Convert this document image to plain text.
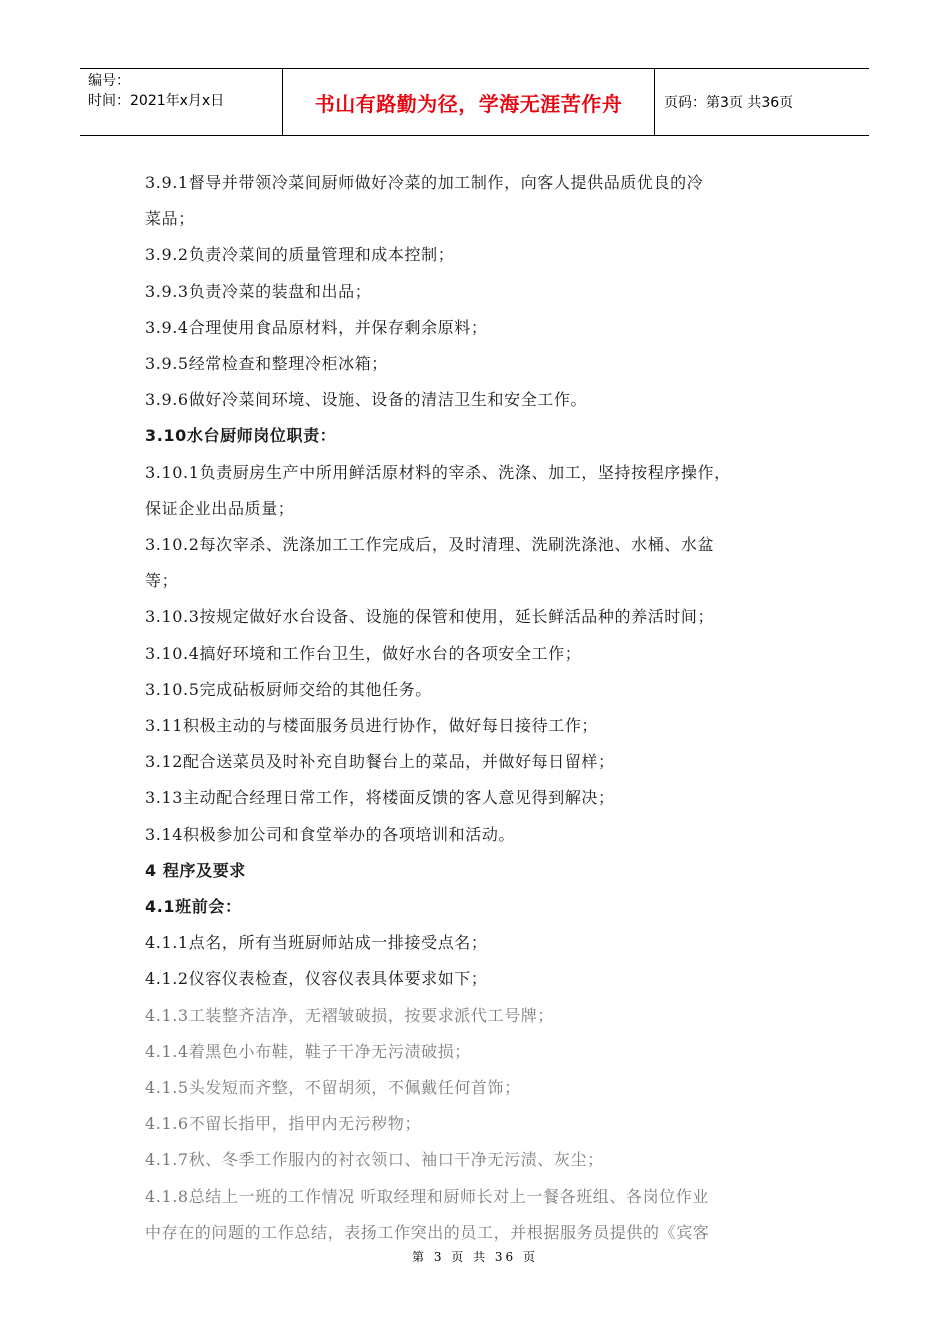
编号：
时间：2021年x月x日	书山有路勤为径，学海无涯苦作舟	页码：第3页 共36页

3.9.1督导并带领冷菜间厨师做好冷菜的加工制作，向客人提供品质优良的冷

菜品；

3.9.2负责冷菜间的质量管理和成本控制；

3.9.3负责冷菜的装盘和出品；

3.9.4合理使用食品原材料，并保存剩余原料；

3.9.5经常检查和整理冷柜冰箱；

3.9.6做好冷菜间环境、设施、设备的清洁卫生和安全工作。

3.10水台厨师岗位职责：

3.10.1负责厨房生产中所用鲜活原材料的宰杀、洗涤、加工，坚持按程序操作，

保证企业出品质量；

3.10.2每次宰杀、洗涤加工工作完成后，及时清理、洗刷洗涤池、水桶、水盆

等；

3.10.3按规定做好水台设备、设施的保管和使用，延长鲜活品种的养活时间；

3.10.4搞好环境和工作台卫生，做好水台的各项安全工作；

3.10.5完成砧板厨师交给的其他任务。

3.11积极主动的与楼面服务员进行协作，做好每日接待工作；

3.12配合送菜员及时补充自助餐台上的菜品，并做好每日留样；

3.13主动配合经理日常工作，将楼面反馈的客人意见得到解决；

3.14积极参加公司和食堂举办的各项培训和活动。

4 程序及要求

4.1班前会：

4.1.1点名，所有当班厨师站成一排接受点名；

4.1.2仪容仪表检查，仪容仪表具体要求如下；

4.1.3工装整齐洁净，无褶皱破损，按要求派代工号牌；

4.1.4着黑色小布鞋，鞋子干净无污渍破损；

4.1.5头发短而齐整，不留胡须，不佩戴任何首饰；

4.1.6不留长指甲，指甲内无污秽物；

4.1.7秋、冬季工作服内的衬衣领口、袖口干净无污渍、灰尘；

4.1.8总结上一班的工作情况 听取经理和厨师长对上一餐各班组、各岗位作业

中存在的问题的工作总结，表扬工作突出的员工，并根据服务员提供的《宾客

第 3 页 共 36 页
